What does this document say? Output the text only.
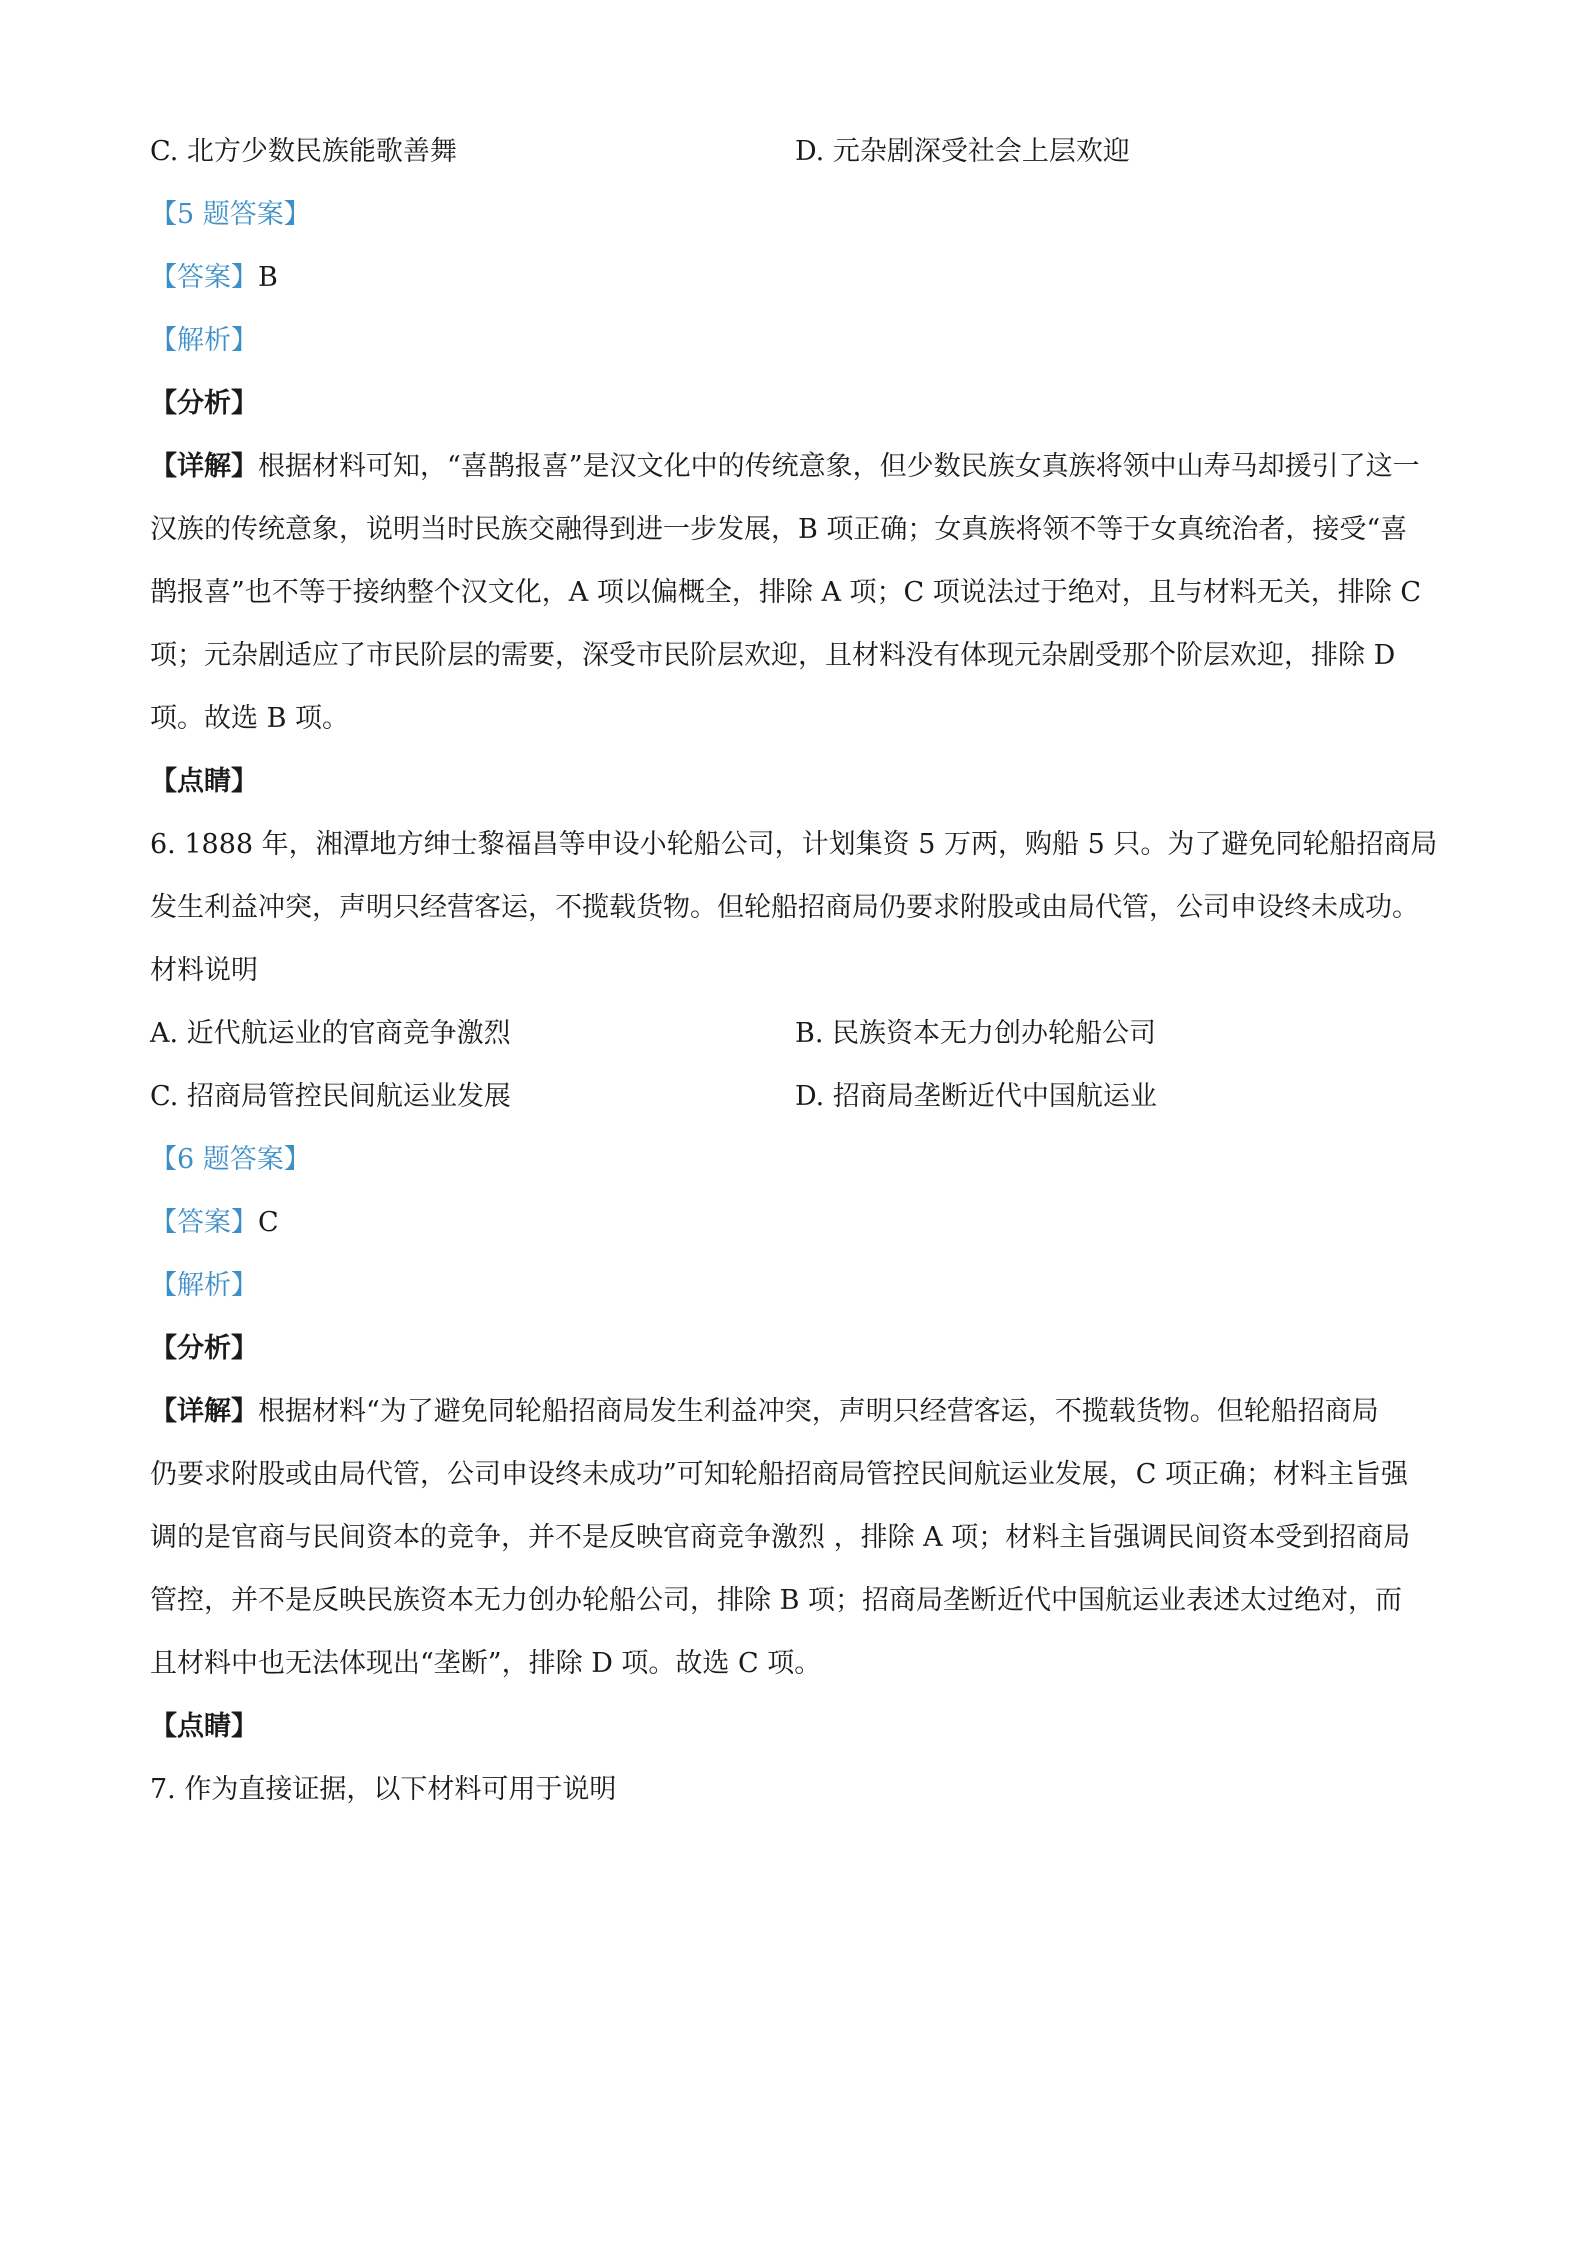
C. 北方少数民族能歌善舞	D. 元杂剧深受社会上层欢迎

【5 题答案】

【答案】B

【解析】

【分析】

【详解】根据材料可知，“喜鹊报喜”是汉文化中的传统意象，但少数民族女真族将领中山寿马却援引了这一

汉族的传统意象，说明当时民族交融得到进一步发展，B 项正确；女真族将领不等于女真统治者，接受“喜

鹊报喜”也不等于接纳整个汉文化，A 项以偏概全，排除 A 项；C 项说法过于绝对，且与材料无关，排除 C

项；元杂剧适应了市民阶层的需要，深受市民阶层欢迎，且材料没有体现元杂剧受那个阶层欢迎，排除 D

项。故选 B 项。

【点睛】

6. 1888 年，湘潭地方绅士黎福昌等申设小轮船公司，计划集资 5 万两，购船 5 只。为了避免同轮船招商局

发生利益冲突，声明只经营客运，不揽载货物。但轮船招商局仍要求附股或由局代管，公司申设终未成功。

材料说明

A. 近代航运业的官商竞争激烈	B. 民族资本无力创办轮船公司
C. 招商局管控民间航运业发展	D. 招商局垄断近代中国航运业

【6 题答案】

【答案】C

【解析】

【分析】

【详解】根据材料“为了避免同轮船招商局发生利益冲突，声明只经营客运，不揽载货物。但轮船招商局

仍要求附股或由局代管，公司申设终未成功”可知轮船招商局管控民间航运业发展，C 项正确；材料主旨强

调的是官商与民间资本的竞争，并不是反映官商竞争激烈 ，排除 A 项；材料主旨强调民间资本受到招商局

管控，并不是反映民族资本无力创办轮船公司，排除 B 项；招商局垄断近代中国航运业表述太过绝对，而

且材料中也无法体现出“垄断”，排除 D 项。故选 C 项。

【点睛】

7. 作为直接证据，以下材料可用于说明
